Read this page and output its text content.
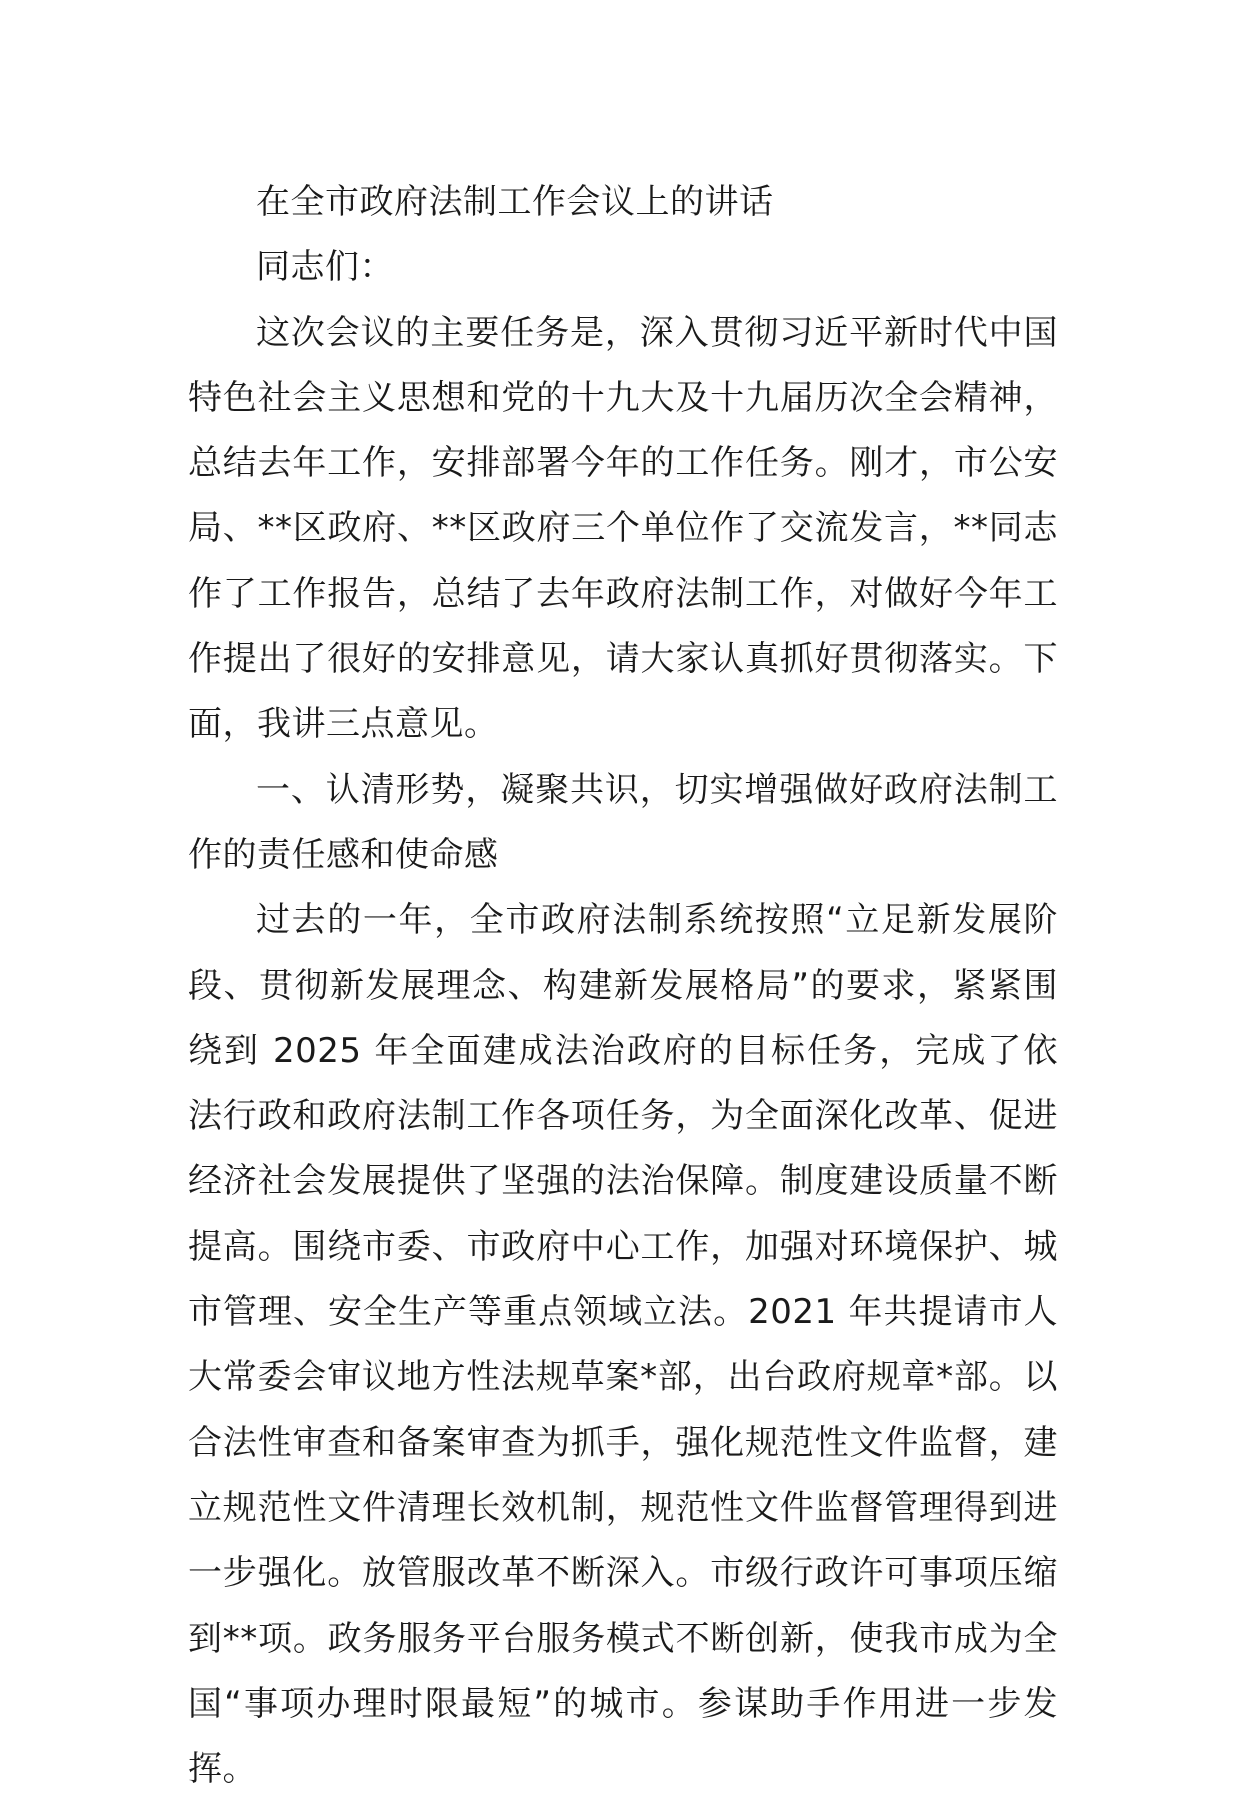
在全市政府法制工作会议上的讲话

同志们：

这次会议的主要任务是，深入贯彻习近平新时代中国特色社会主义思想和党的十九大及十九届历次全会精神，总结去年工作，安排部署今年的工作任务。刚才，市公安局、**区政府、**区政府三个单位作了交流发言，**同志作了工作报告，总结了去年政府法制工作，对做好今年工作提出了很好的安排意见，请大家认真抓好贯彻落实。下面，我讲三点意见。

一、认清形势，凝聚共识，切实增强做好政府法制工作的责任感和使命感

过去的一年，全市政府法制系统按照“立足新发展阶段、贯彻新发展理念、构建新发展格局”的要求，紧紧围绕到 2025 年全面建成法治政府的目标任务，完成了依法行政和政府法制工作各项任务，为全面深化改革、促进经济社会发展提供了坚强的法治保障。制度建设质量不断提高。围绕市委、市政府中心工作，加强对环境保护、城市管理、安全生产等重点领域立法。2021 年共提请市人大常委会审议地方性法规草案*部，出台政府规章*部。以合法性审查和备案审查为抓手，强化规范性文件监督，建立规范性文件清理长效机制，规范性文件监督管理得到进一步强化。放管服改革不断深入。市级行政许可事项压缩到**项。政务服务平台服务模式不断创新，使我市成为全国“事项办理时限最短”的城市。参谋助手作用进一步发挥。
